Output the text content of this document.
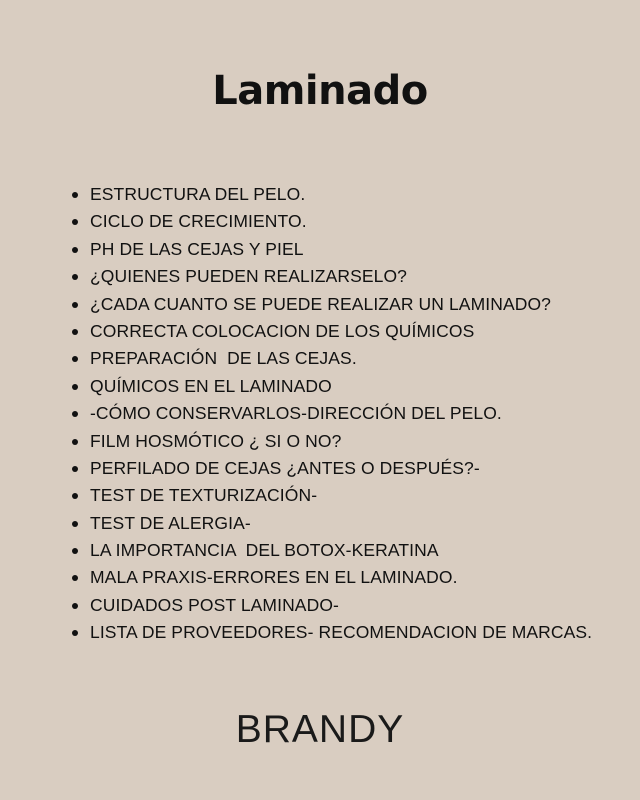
Laminado
ESTRUCTURA DEL PELO.
CICLO DE CRECIMIENTO.
PH DE LAS CEJAS Y PIEL
¿QUIENES PUEDEN REALIZARSELO?
¿CADA CUANTO SE PUEDE REALIZAR UN LAMINADO?
CORRECTA COLOCACION DE LOS QUÍMICOS
PREPARACIÓN  DE LAS CEJAS.
QUÍMICOS EN EL LAMINADO
-CÓMO CONSERVARLOS-DIRECCIÓN DEL PELO.
FILM HOSMÓTICO ¿ SI O NO?
PERFILADO DE CEJAS ¿ANTES O DESPUÉS?-
TEST DE TEXTURIZACIÓN-
TEST DE ALERGIA-
LA IMPORTANCIA  DEL BOTOX-KERATINA
MALA PRAXIS-ERRORES EN EL LAMINADO.
CUIDADOS POST LAMINADO-
LISTA DE PROVEEDORES- RECOMENDACION DE MARCAS.
BRANDY
